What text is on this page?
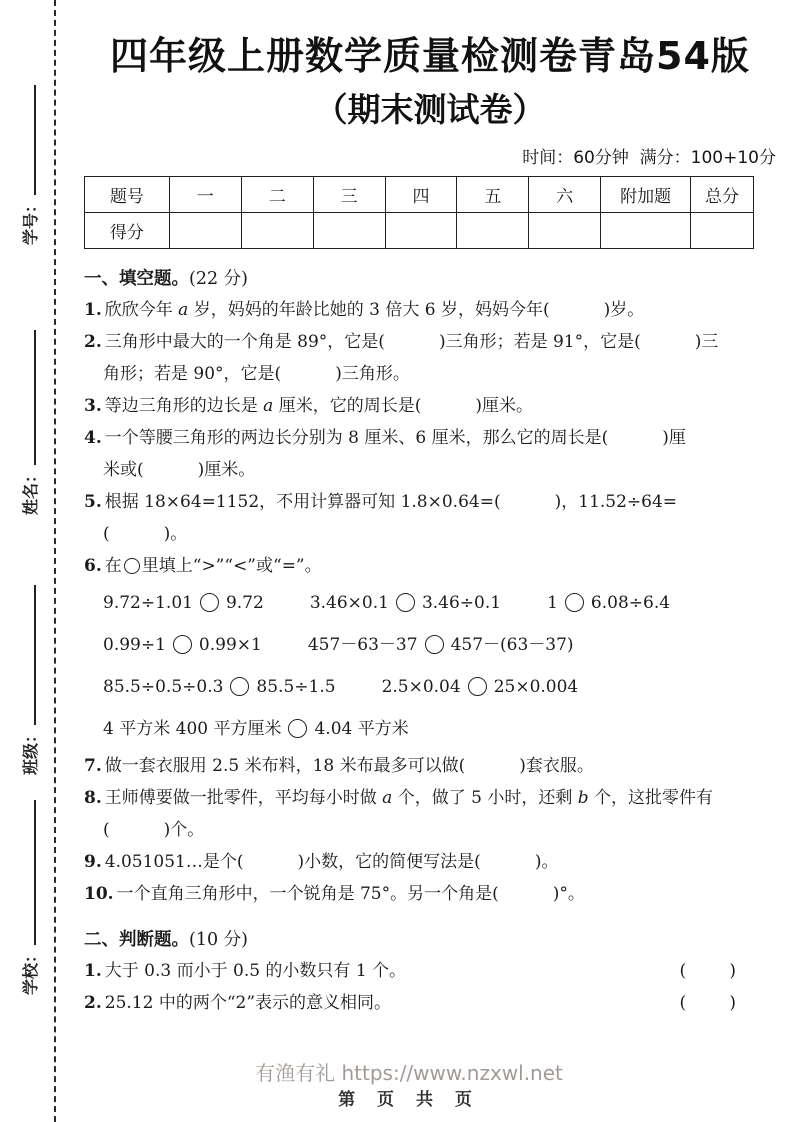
学号：
姓名：
班级：
学校：
四年级上册数学质量检测卷青岛54版
（期末测试卷）
时间：60分钟  满分：100+10分
题号	一	二	三	四	五	六	附加题	总分
得分								
一、填空题。(22 分)
1. 欣欣今年 a 岁，妈妈的年龄比她的 3 倍大 6 岁，妈妈今年(          )岁。
2. 三角形中最大的一个角是 89°，它是(          )三角形；若是 91°，它是(          )三
角形；若是 90°，它是(          )三角形。
3. 等边三角形的边长是 a 厘米，它的周长是(          )厘米。
4. 一个等腰三角形的两边长分别为 8 厘米、6 厘米，那么它的周长是(          )厘
米或(          )厘米。
5. 根据 18×64=1152，不用计算器可知 1.8×0.64=(          )，11.52÷64=
(          )。
6. 在 里填上“>”“<”或“=”。
9.72÷1.01 9.72	3.46×0.1 3.46÷0.1	1 6.08÷6.4
0.99÷1 0.99×1	457－63－37 457－(63－37)
85.5÷0.5÷0.3 85.5÷1.5	2.5×0.04 25×0.004
4 平方米 400 平方厘米 4.04 平方米
7. 做一套衣服用 2.5 米布料，18 米布最多可以做(          )套衣服。
8. 王师傅要做一批零件，平均每小时做 a 个，做了 5 小时，还剩 b 个，这批零件有
(          )个。
9. 4.051051…是个(          )小数，它的简便写法是(          )。
10. 一个直角三角形中，一个锐角是 75°。另一个角是(          )°。
二、判断题。(10 分)
1. 大于 0.3 而小于 0.5 的小数只有 1 个。	(        )
2. 25.12 中的两个“2”表示的意义相同。	(        )
有渔有礼 https://www.nzxwl.net
第 页 共 页
